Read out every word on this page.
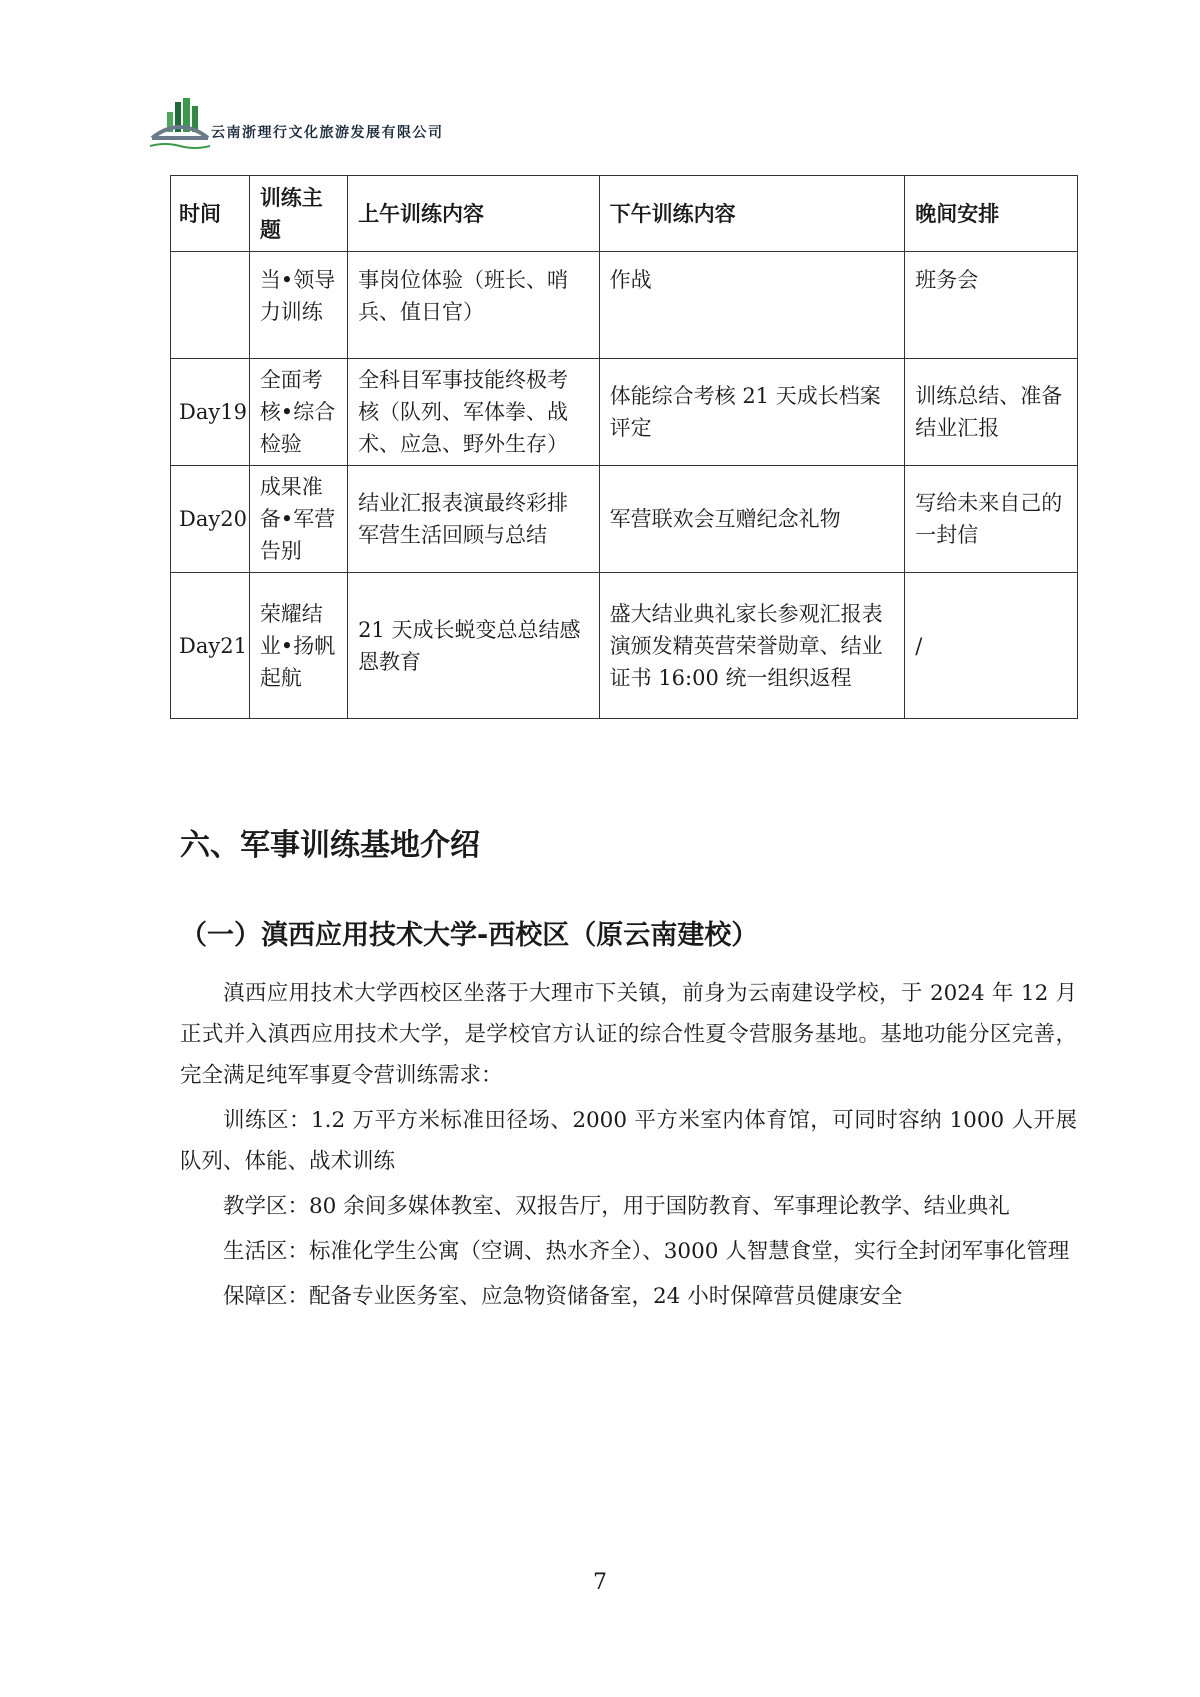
云南浙理行文化旅游发展有限公司
时间	训练主题	上午训练内容	下午训练内容	晚间安排
	当•领导力训练	事岗位体验（班长、哨兵、值日官）	作战	班务会
Day19	全面考核•综合检验	全科目军事技能终极考核（队列、军体拳、战术、应急、野外生存）	体能综合考核 21 天成长档案评定	训练总结、准备结业汇报
Day20	成果准备•军营告别	结业汇报表演最终彩排军营生活回顾与总结	军营联欢会互赠纪念礼物	写给未来自己的一封信
Day21	荣耀结业•扬帆起航	21 天成长蜕变总总结感恩教育	盛大结业典礼家长参观汇报表演颁发精英营荣誉勋章、结业证书 16:00 统一组织返程	/
六、军事训练基地介绍
（一）滇西应用技术大学-西校区（原云南建校）

滇西应用技术大学西校区坐落于大理市下关镇，前身为云南建设学校，于 2024 年 12 月正式并入滇西应用技术大学，是学校官方认证的综合性夏令营服务基地。基地功能分区完善，完全满足纯军事夏令营训练需求：

训练区：1.2 万平方米标准田径场、2000 平方米室内体育馆，可同时容纳 1000 人开展队列、体能、战术训练

教学区：80 余间多媒体教室、双报告厅，用于国防教育、军事理论教学、结业典礼

生活区：标准化学生公寓（空调、热水齐全）、3000 人智慧食堂，实行全封闭军事化管理

保障区：配备专业医务室、应急物资储备室，24 小时保障营员健康安全

7
